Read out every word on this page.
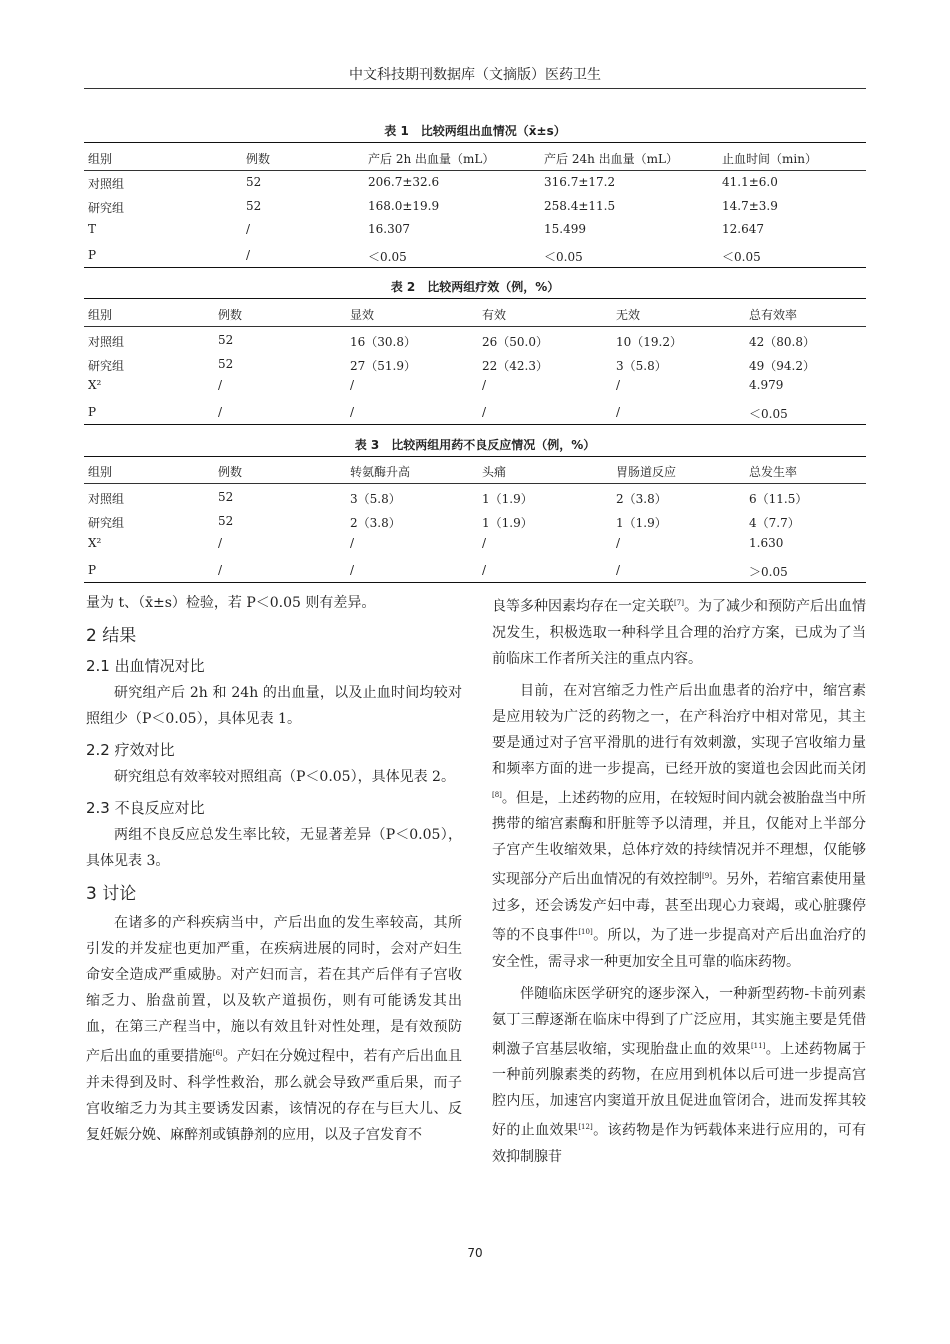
中文科技期刊数据库（文摘版）医药卫生
表 1　比较两组出血情况（x̄±s）
组别	例数	产后 2h 出血量（mL）	产后 24h 出血量（mL）	止血时间（min）
对照组	52	206.7±32.6	316.7±17.2	41.1±6.0
研究组	52	168.0±19.9	258.4±11.5	14.7±3.9
T	/	16.307	15.499	12.647
P	/	＜0.05	＜0.05	＜0.05
表 2　比较两组疗效（例，%）
组别	例数	显效	有效	无效	总有效率
对照组	52	16（30.8）	26（50.0）	10（19.2）	42（80.8）
研究组	52	27（51.9）	22（42.3）	3（5.8）	49（94.2）
X²	/	/	/	/	4.979
P	/	/	/	/	＜0.05
表 3　比较两组用药不良反应情况（例，%）
组别	例数	转氨酶升高	头痛	胃肠道反应	总发生率
对照组	52	3（5.8）	1（1.9）	2（3.8）	6（11.5）
研究组	52	2（3.8）	1（1.9）	1（1.9）	4（7.7）
X²	/	/	/	/	1.630
P	/	/	/	/	＞0.05

量为 t、（x̄±s）检验，若 P＜0.05 则有差异。

2 结果
2.1 出血情况对比

研究组产后 2h 和 24h 的出血量，以及止血时间均较对照组少（P＜0.05），具体见表 1。

2.2 疗效对比

研究组总有效率较对照组高（P＜0.05），具体见表 2。

2.3 不良反应对比

两组不良反应总发生率比较，无显著差异（P＜0.05），具体见表 3。

3 讨论

在诸多的产科疾病当中，产后出血的发生率较高，其所引发的并发症也更加严重，在疾病进展的同时，会对产妇生命安全造成严重威胁。对产妇而言，若在其产后伴有子宫收缩乏力、胎盘前置，以及软产道损伤，则有可能诱发其出血，在第三产程当中，施以有效且针对性处理，是有效预防产后出血的重要措施[6]。产妇在分娩过程中，若有产后出血且并未得到及时、科学性救治，那么就会导致严重后果，而子宫收缩乏力为其主要诱发因素，该情况的存在与巨大儿、反复妊娠分娩、麻醉剂或镇静剂的应用，以及子宫发育不

良等多种因素均存在一定关联[7]。为了减少和预防产后出血情况发生，积极选取一种科学且合理的治疗方案，已成为了当前临床工作者所关注的重点内容。

目前，在对宫缩乏力性产后出血患者的治疗中，缩宫素是应用较为广泛的药物之一，在产科治疗中相对常见，其主要是通过对子宫平滑肌的进行有效刺激，实现子宫收缩力量和频率方面的进一步提高，已经开放的窦道也会因此而关闭[8]。但是，上述药物的应用，在较短时间内就会被胎盘当中所携带的缩宫素酶和肝脏等予以清理，并且，仅能对上半部分子宫产生收缩效果，总体疗效的持续情况并不理想，仅能够实现部分产后出血情况的有效控制[9]。另外，若缩宫素使用量过多，还会诱发产妇中毒，甚至出现心力衰竭，或心脏骤停等的不良事件[10]。所以，为了进一步提高对产后出血治疗的安全性，需寻求一种更加安全且可靠的临床药物。

伴随临床医学研究的逐步深入，一种新型药物-卡前列素氨丁三醇逐渐在临床中得到了广泛应用，其实施主要是凭借刺激子宫基层收缩，实现胎盘止血的效果[11]。上述药物属于一种前列腺素类的药物，在应用到机体以后可进一步提高宫腔内压，加速宫内窦道开放且促进血管闭合，进而发挥其较好的止血效果[12]。该药物是作为钙载体来进行应用的，可有效抑制腺苷

70
